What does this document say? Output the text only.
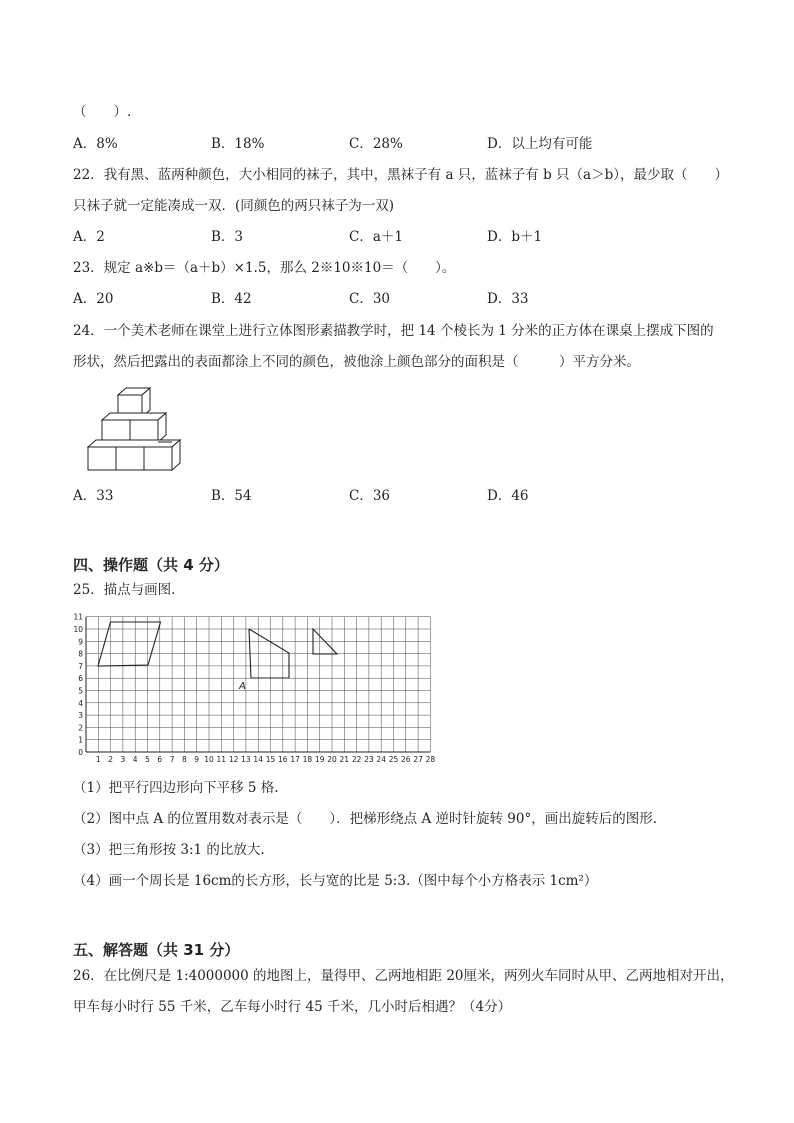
（　　）.
A．8%	B．18%	C．28%	D．以上均有可能
22．我有黑、蓝两种颜色，大小相同的袜子，其中，黑袜子有 a 只，蓝袜子有 b 只（a＞b），最少取（　　）
只袜子就一定能凑成一双．(同颜色的两只袜子为一双)
A．2	B．3	C．a＋1	D．b＋1
23．规定 a※b＝（a＋b）×1.5，那么 2※10※10＝（　　）。
A．20	B．42	C．30	D．33
24．一个美术老师在课堂上进行立体图形素描教学时，把 14 个棱长为 1 分米的正方体在课桌上摆成下图的
形状，然后把露出的表面都涂上不同的颜色，被他涂上颜色部分的面积是（　　　）平方分米。
A．33	B．54	C．36	D．46
四、操作题（共 4 分）
25．描点与画图.
1 2 3 4 5 6 7 8 9 10 11 12 13 14 15 16 17 18 19 20 21 22 23 24 25 26 27 28
0
1
2
3
4
5
6
7
8
9
10
11
A
（1）把平行四边形向下平移 5 格.
（2）图中点 A 的位置用数对表示是（　　）．把梯形绕点 A 逆时针旋转 90°，画出旋转后的图形.
（3）把三角形按 3:1 的比放大.
（4）画一个周长是 16cm的长方形，长与宽的比是 5:3.（图中每个小方格表示 1cm²）
五、解答题（共 31 分）
26．在比例尺是 1:4000000 的地图上，量得甲、乙两地相距 20厘米，两列火车同时从甲、乙两地相对开出，
甲车每小时行 55 千米，乙车每小时行 45 千米，几小时后相遇？（4分）
